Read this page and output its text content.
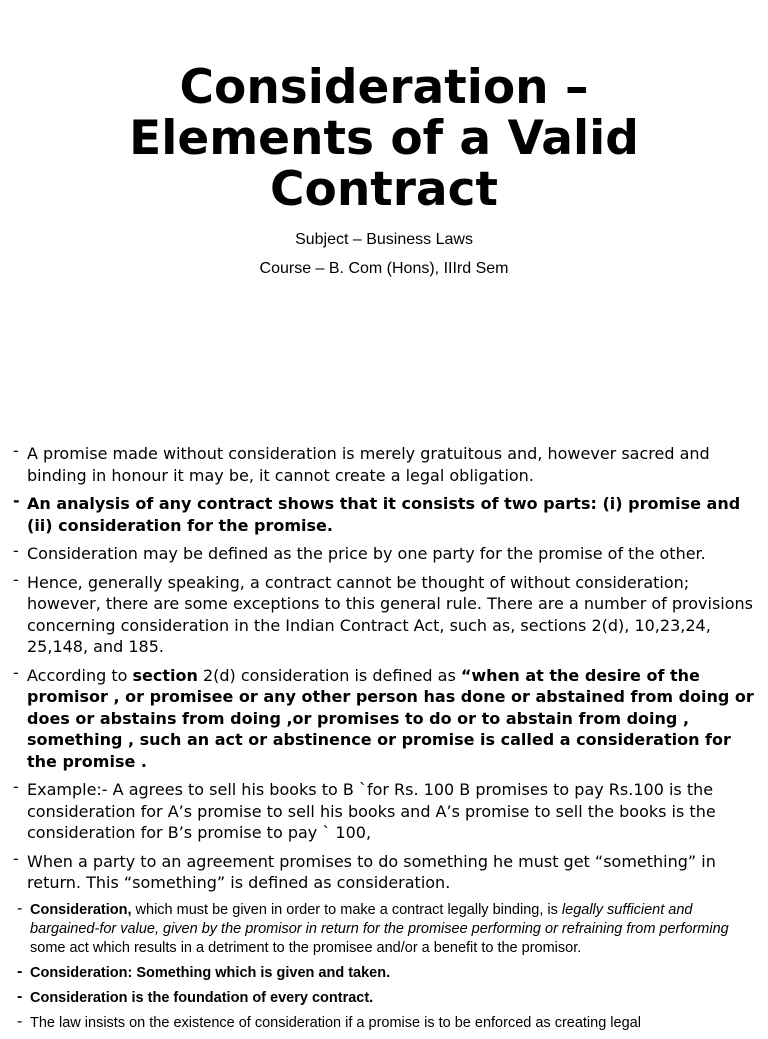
Consideration –
Elements of a Valid
Contract
Subject – Business Laws
Course – B. Com (Hons), IIIrd Sem
- A promise made without consideration is merely gratuitous and, however sacred and binding in honour it may be, it cannot create a legal obligation.
- An analysis of any contract shows that it consists of two parts: (i) promise and (ii) consideration for the promise.
- Consideration may be defined as the price by one party for the promise of the other.
- Hence, generally speaking, a contract cannot be thought of without consideration; however, there are some exceptions to this general rule. There are a number of provisions concerning consideration in the Indian Contract Act, such as, sections 2(d), 10,23,24, 25,148, and 185.
- According to section 2(d) consideration is defined as “when at the desire of the promisor , or promisee or any other person has done or abstained from doing or does or abstains from doing ,or promises to do or to abstain from doing , something , such an act or abstinence or promise is called a consideration for the promise .
- Example:- A agrees to sell his books to B `for Rs. 100 B promises to pay Rs.100 is the consideration for A’s promise to sell his books and A’s promise to sell the books is the consideration for B’s promise to pay ` 100,
- When a party to an agreement promises to do something he must get “something” in return. This “something” is defined as consideration.
- Consideration, which must be given in order to make a contract legally binding, is legally sufficient and bargained-for value, given by the promisor in return for the promisee performing or refraining from performing some act which results in a detriment to the promisee and/or a benefit to the promisor.
- Consideration: Something which is given and taken.
- Consideration is the foundation of every contract.
- The law insists on the existence of consideration if a promise is to be enforced as creating legal
